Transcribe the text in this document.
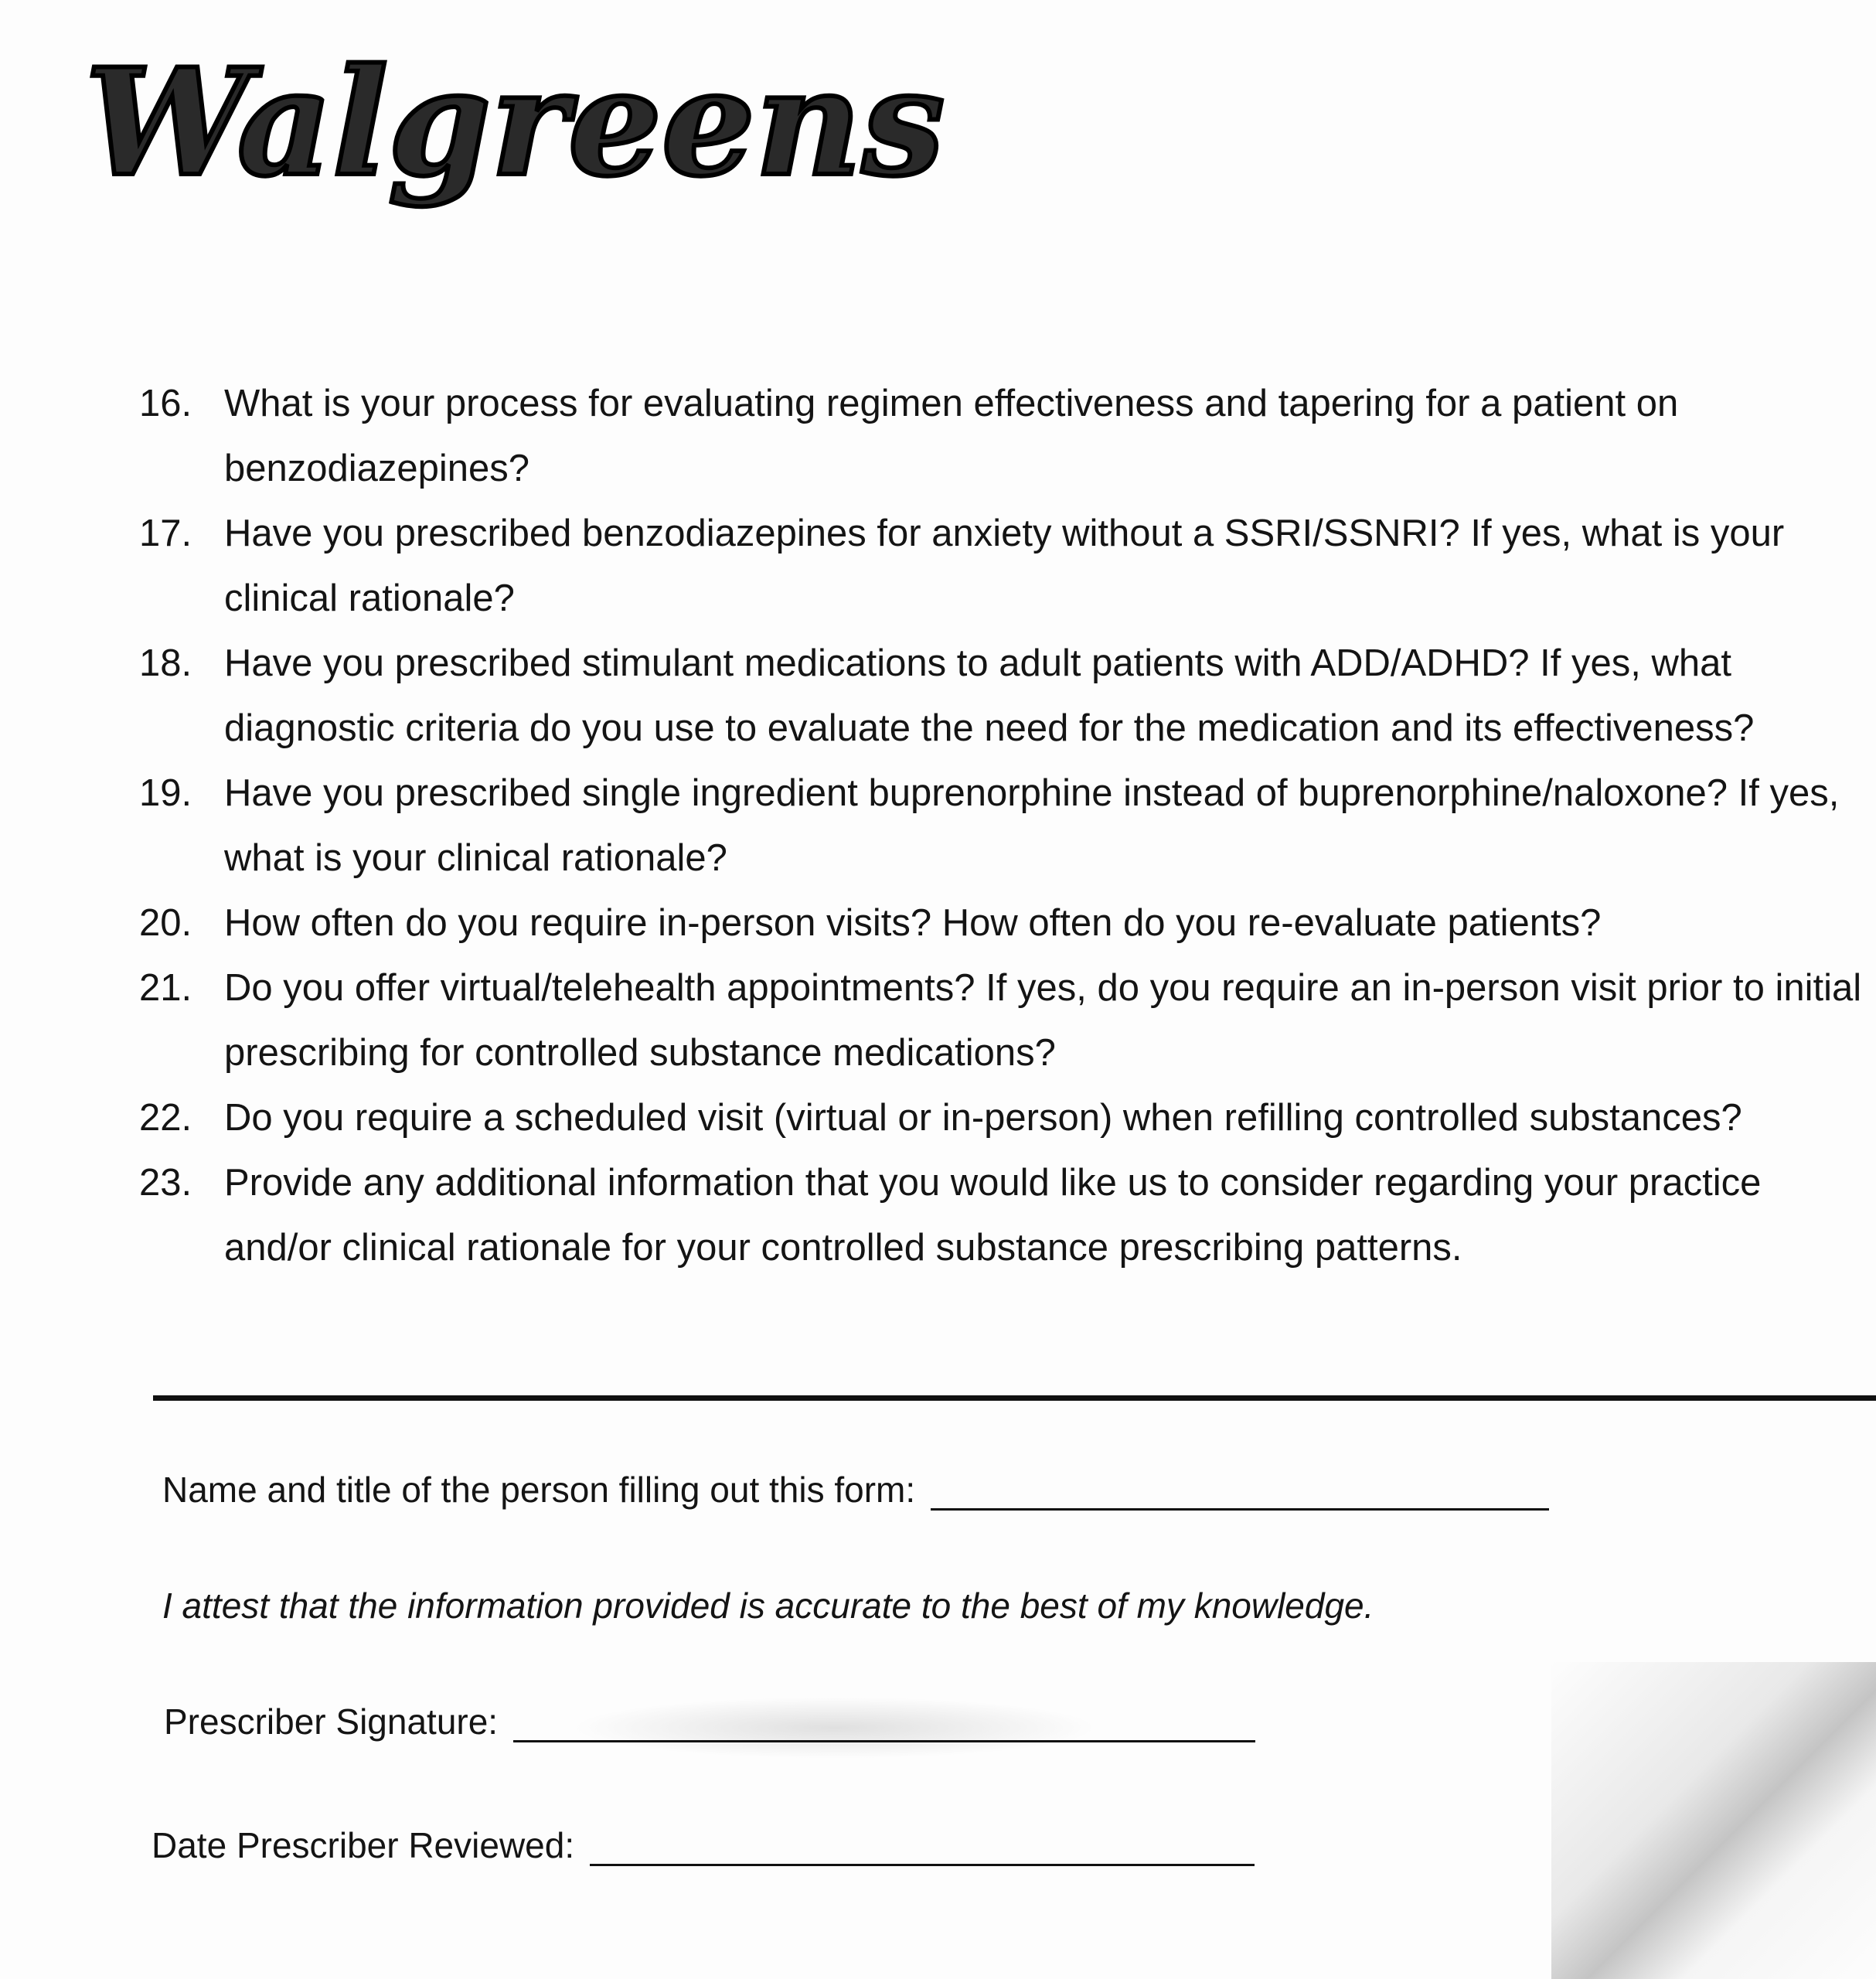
Walgreens
16. What is your process for evaluating regimen effectiveness and tapering for a patient on benzodiazepines?
17. Have you prescribed benzodiazepines for anxiety without a SSRI/SSNRI? If yes, what is your clinical rationale?
18. Have you prescribed stimulant medications to adult patients with ADD/ADHD? If yes, what diagnostic criteria do you use to evaluate the need for the medication and its effectiveness?
19. Have you prescribed single ingredient buprenorphine instead of buprenorphine/naloxone? If yes, what is your clinical rationale?
20. How often do you require in-person visits? How often do you re-evaluate patients?
21. Do you offer virtual/telehealth appointments? If yes, do you require an in-person visit prior to initial prescribing for controlled substance medications?
22. Do you require a scheduled visit (virtual or in-person) when refilling controlled substances?
23. Provide any additional information that you would like us to consider regarding your practice and/or clinical rationale for your controlled substance prescribing patterns.
Name and title of the person filling out this form:
I attest that the information provided is accurate to the best of my knowledge.
Prescriber Signature:
Date Prescriber Reviewed:
